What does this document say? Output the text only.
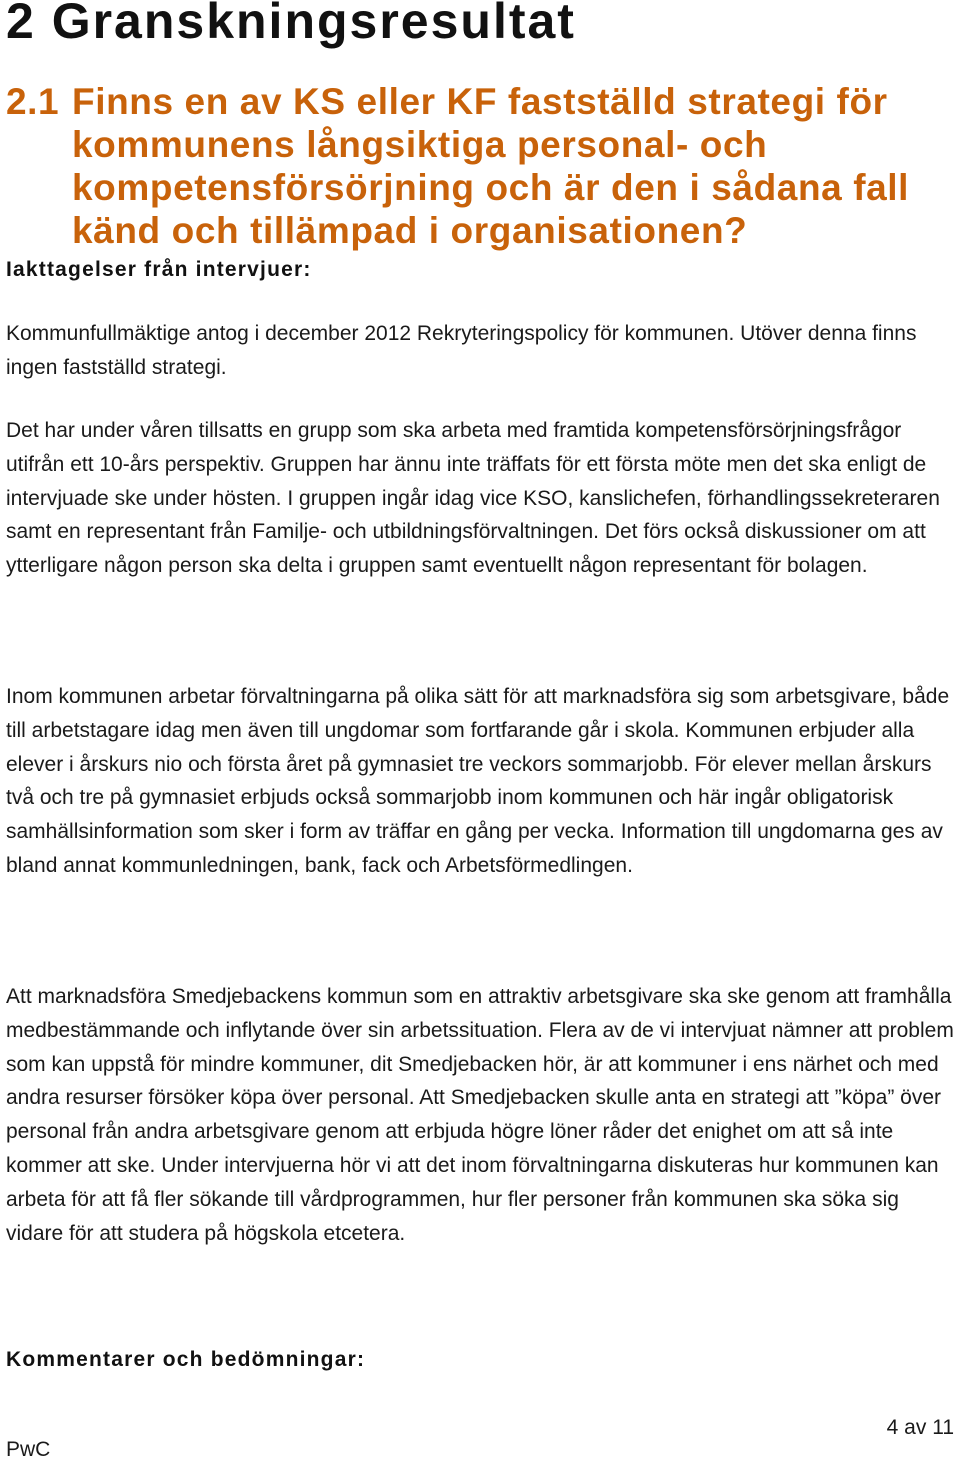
2 Granskningsresultat
2.1 Finns en av KS eller KF fastställd strategi för kommunens långsiktiga personal- och kompetensförsörjning och är den i sådana fall känd och tillämpad i organisationen?
Iakttagelser från intervjuer:
Kommunfullmäktige antog i december 2012 Rekryteringspolicy för kommunen. Utöver denna finns ingen fastställd strategi.
Det har under våren tillsatts en grupp som ska arbeta med framtida kompetensförsörjningsfrågor utifrån ett 10-års perspektiv. Gruppen har ännu inte träffats för ett första möte men det ska enligt de intervjuade ske under hösten. I gruppen ingår idag vice KSO, kanslichefen, förhandlingssekreteraren samt en representant från Familje- och utbildningsförvaltningen. Det förs också diskussioner om att ytterligare någon person ska delta i gruppen samt eventuellt någon representant för bolagen.
Inom kommunen arbetar förvaltningarna på olika sätt för att marknadsföra sig som arbetsgivare, både till arbetstagare idag men även till ungdomar som fortfarande går i skola. Kommunen erbjuder alla elever i årskurs nio och första året på gymnasiet tre veckors sommarjobb. För elever mellan årskurs två och tre på gymnasiet erbjuds också sommarjobb inom kommunen och här ingår obligatorisk samhällsinformation som sker i form av träffar en gång per vecka. Information till ungdomarna ges av bland annat kommunledningen, bank, fack och Arbetsförmedlingen.
Att marknadsföra Smedjebackens kommun som en attraktiv arbetsgivare ska ske genom att framhålla medbestämmande och inflytande över sin arbetssituation. Flera av de vi intervjuat nämner att problem som kan uppstå för mindre kommuner, dit Smedjebacken hör, är att kommuner i ens närhet och med andra resurser försöker köpa över personal. Att Smedjebacken skulle anta en strategi att ”köpa” över personal från andra arbetsgivare genom att erbjuda högre löner råder det enighet om att så inte kommer att ske. Under intervjuerna hör vi att det inom förvaltningarna diskuteras hur kommunen kan arbeta för att få fler sökande till vårdprogrammen, hur fler personer från kommunen ska söka sig vidare för att studera på högskola etcetera.
Kommentarer och bedömningar:
PwC
4 av 11
